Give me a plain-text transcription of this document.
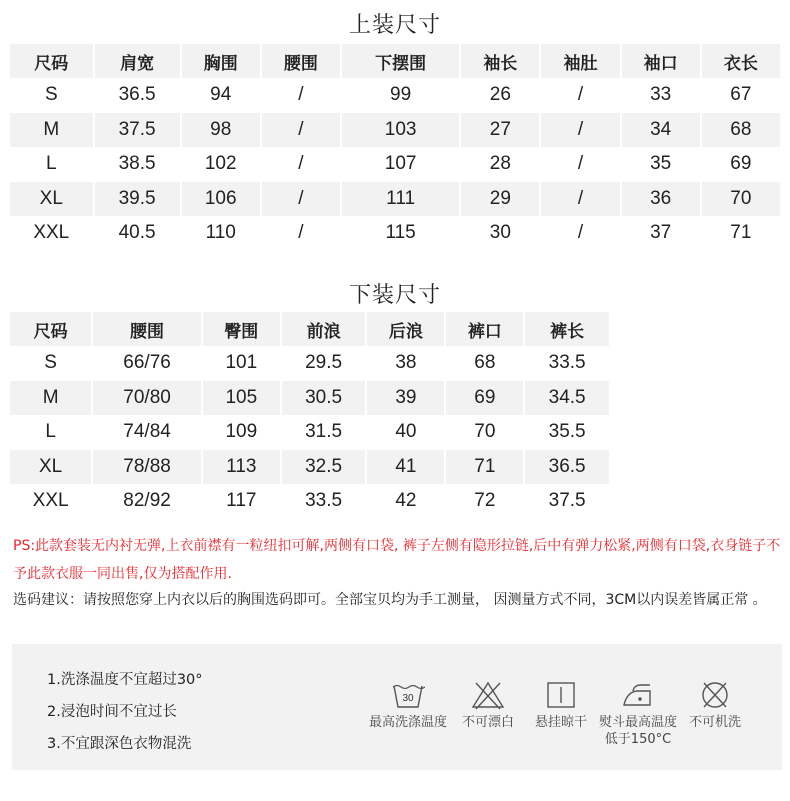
上装尺寸
尺码	肩宽	胸围	腰围	下摆围	袖长	袖肚	袖口	衣长
S	36.5	94	/	99	26	/	33	67
M	37.5	98	/	103	27	/	34	68
L	38.5	102	/	107	28	/	35	69
XL	39.5	106	/	111	29	/	36	70
XXL	40.5	110	/	115	30	/	37	71
下装尺寸
尺码	腰围	臀围	前浪	后浪	裤口	裤长
S	66/76	101	29.5	38	68	33.5
M	70/80	105	30.5	39	69	34.5
L	74/84	109	31.5	40	70	35.5
XL	78/88	113	32.5	41	71	36.5
XXL	82/92	117	33.5	42	72	37.5
PS:此款套装无内衬无弹,上衣前襟有一粒纽扣可解,两侧有口袋, 裤子左侧有隐形拉链,后中有弹力松紧,两侧有口袋,衣身链子不予此款衣服一同出售,仅为搭配作用.
选码建议：请按照您穿上内衣以后的胸围选码即可。全部宝贝均为手工测量， 因测量方式不同，3CM以内误差皆属正常 。
1.洗涤温度不宜超过30°
2.浸泡时间不宜过长
3.不宜跟深色衣物混洗
30
最高洗涤温度	不可漂白	悬挂晾干 熨斗最高温度
低于150°C
不可机洗
